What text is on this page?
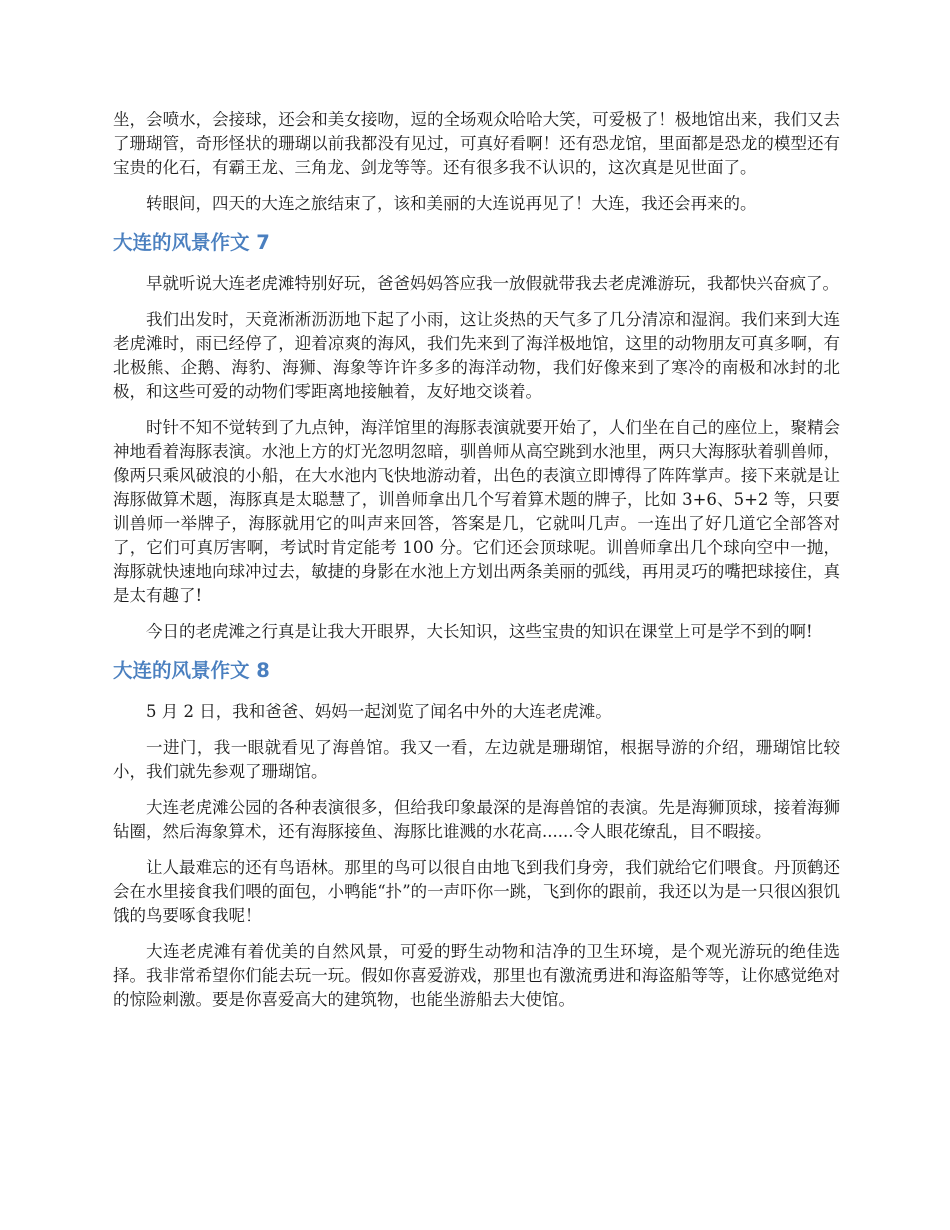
坐，会喷水，会接球，还会和美女接吻，逗的全场观众哈哈大笑，可爱极了！极地馆出来，我们又去了珊瑚管，奇形怪状的珊瑚以前我都没有见过，可真好看啊！还有恐龙馆，里面都是恐龙的模型还有宝贵的化石，有霸王龙、三角龙、剑龙等等。还有很多我不认识的，这次真是见世面了。

转眼间，四天的大连之旅结束了，该和美丽的大连说再见了！大连，我还会再来的。

大连的风景作文 7

早就听说大连老虎滩特别好玩，爸爸妈妈答应我一放假就带我去老虎滩游玩，我都快兴奋疯了。

我们出发时，天竟淅淅沥沥地下起了小雨，这让炎热的天气多了几分清凉和湿润。我们来到大连老虎滩时，雨已经停了，迎着凉爽的海风，我们先来到了海洋极地馆，这里的动物朋友可真多啊，有北极熊、企鹅、海豹、海狮、海象等许许多多的海洋动物，我们好像来到了寒冷的南极和冰封的北极，和这些可爱的动物们零距离地接触着，友好地交谈着。

时针不知不觉转到了九点钟，海洋馆里的海豚表演就要开始了，人们坐在自己的座位上，聚精会神地看着海豚表演。水池上方的灯光忽明忽暗，驯兽师从高空跳到水池里，两只大海豚驮着驯兽师，像两只乘风破浪的小船，在大水池内飞快地游动着，出色的表演立即博得了阵阵掌声。接下来就是让海豚做算术题，海豚真是太聪慧了，训兽师拿出几个写着算术题的牌子，比如 3+6、5+2 等，只要训兽师一举牌子，海豚就用它的叫声来回答，答案是几，它就叫几声。一连出了好几道它全部答对了，它们可真厉害啊，考试时肯定能考 100 分。它们还会顶球呢。训兽师拿出几个球向空中一抛，海豚就快速地向球冲过去，敏捷的身影在水池上方划出两条美丽的弧线，再用灵巧的嘴把球接住，真是太有趣了!

今日的老虎滩之行真是让我大开眼界，大长知识，这些宝贵的知识在课堂上可是学不到的啊!

大连的风景作文 8

5 月 2 日，我和爸爸、妈妈一起浏览了闻名中外的大连老虎滩。

一进门，我一眼就看见了海兽馆。我又一看，左边就是珊瑚馆，根据导游的介绍，珊瑚馆比较小，我们就先参观了珊瑚馆。

大连老虎滩公园的各种表演很多，但给我印象最深的是海兽馆的表演。先是海狮顶球，接着海狮钻圈，然后海象算术，还有海豚接鱼、海豚比谁溅的水花高......令人眼花缭乱，目不暇接。

让人最难忘的还有鸟语林。那里的鸟可以很自由地飞到我们身旁，我们就给它们喂食。丹顶鹤还会在水里接食我们喂的面包，小鸭能“扑”的一声吓你一跳，飞到你的跟前，我还以为是一只很凶狠饥饿的鸟要啄食我呢！

大连老虎滩有着优美的自然风景，可爱的野生动物和洁净的卫生环境，是个观光游玩的绝佳选择。我非常希望你们能去玩一玩。假如你喜爱游戏，那里也有激流勇进和海盗船等等，让你感觉绝对的惊险刺激。要是你喜爱高大的建筑物，也能坐游船去大使馆。
